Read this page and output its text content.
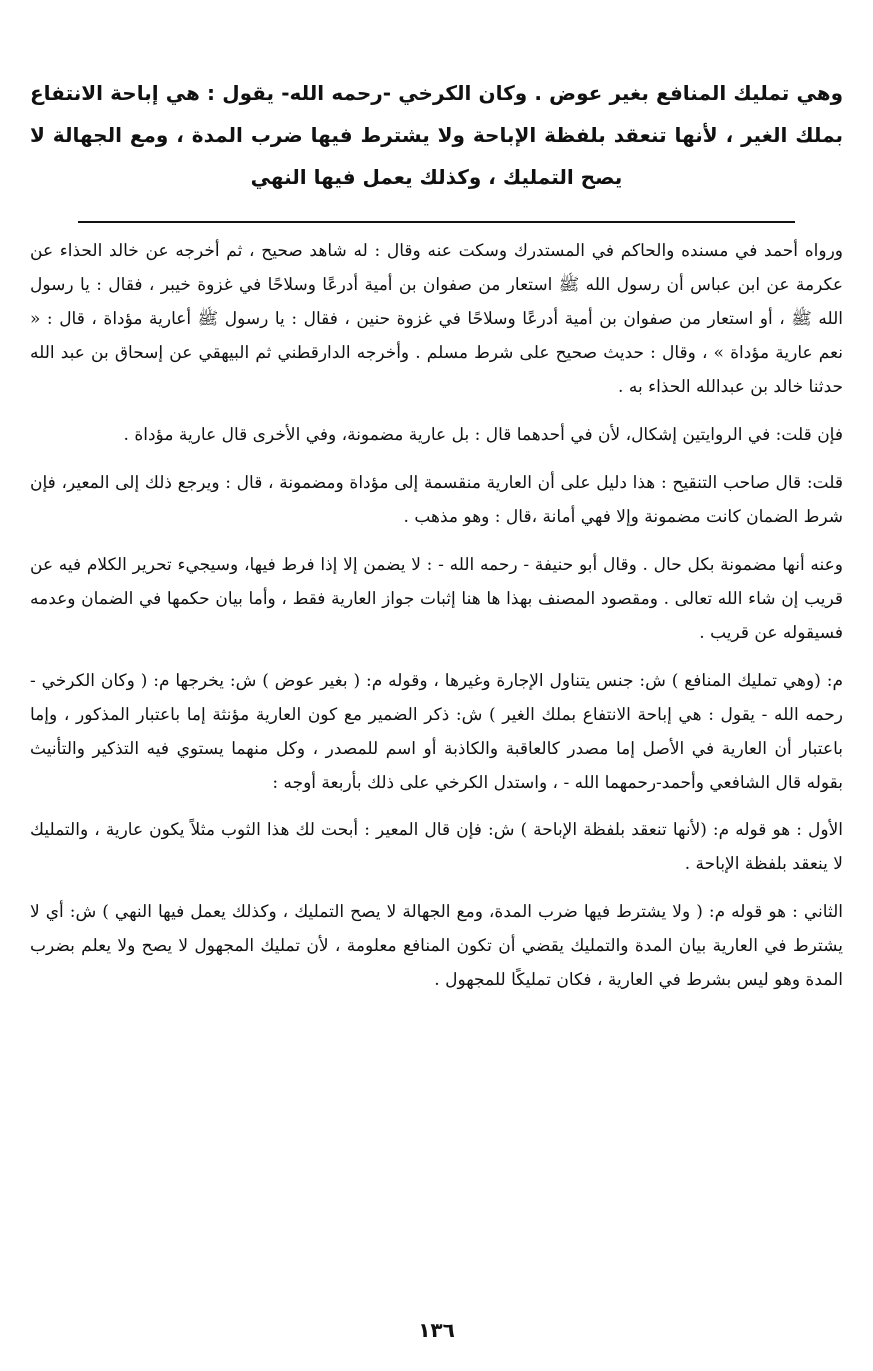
وهي تمليك المنافع بغير عوض . وكان الكرخي -رحمه الله- يقول : هي إباحة الانتفاع بملك الغير ، لأنها تنعقد بلفظة الإباحة ولا يشترط فيها ضرب المدة ، ومع الجهالة لا يصح التمليك ، وكذلك يعمل فيها النهي

ورواه أحمد في مسنده والحاكم في المستدرك وسكت عنه وقال : له شاهد صحيح ، ثم أخرجه عن خالد الحذاء عن عكرمة عن ابن عباس أن رسول الله ﷺ استعار من صفوان بن أمية أدرعًا وسلاحًا في غزوة خيبر ، فقال : يا رسول الله ﷺ ، أو استعار من صفوان بن أمية أدرعًا وسلاحًا في غزوة حنين ، فقال : يا رسول ﷺ أعارية مؤداة ، قال : « نعم عارية مؤداة » ، وقال : حديث صحيح على شرط مسلم . وأخرجه الدارقطني ثم البيهقي عن إسحاق بن عبد الله حدثنا خالد بن عبدالله الحذاء به .

فإن قلت: في الروايتين إشكال، لأن في أحدهما قال : بل عارية مضمونة، وفي الأخرى قال عارية مؤداة .

قلت: قال صاحب التنقيح : هذا دليل على أن العارية منقسمة إلى مؤداة ومضمونة ، قال : ويرجع ذلك إلى المعير، فإن شرط الضمان كانت مضمونة وإلا فهي أمانة ،قال : وهو مذهب .

وعنه أنها مضمونة بكل حال . وقال أبو حنيفة - رحمه الله - : لا يضمن إلا إذا فرط فيها، وسيجيء تحرير الكلام فيه عن قريب إن شاء الله تعالى . ومقصود المصنف بهذا ها هنا إثبات جواز العارية فقط ، وأما بيان حكمها في الضمان وعدمه فسيقوله عن قريب .

م: (وهي تمليك المنافع ) ش: جنس يتناول الإجارة وغيرها ، وقوله م: ( بغير عوض ) ش: يخرجها م: ( وكان الكرخي - رحمه الله - يقول : هي إباحة الانتفاع بملك الغير ) ش: ذكر الضمير مع كون العارية مؤنثة إما باعتبار المذكور ، وإما باعتبار أن العارية في الأصل إما مصدر كالعاقبة والكاذبة أو اسم للمصدر ، وكل منهما يستوي فيه التذكير والتأنيث بقوله قال الشافعي وأحمد-رحمهما الله - ، واستدل الكرخي على ذلك بأربعة أوجه :

الأول : هو قوله م: (لأنها تنعقد بلفظة الإباحة ) ش: فإن قال المعير : أبحت لك هذا الثوب مثلاً يكون عارية ، والتمليك لا ينعقد بلفظة الإباحة .

الثاني : هو قوله م: ( ولا يشترط فيها ضرب المدة، ومع الجهالة لا يصح التمليك ، وكذلك يعمل فيها النهي ) ش: أي لا يشترط في العارية بيان المدة والتمليك يقضي أن تكون المنافع معلومة ، لأن تمليك المجهول لا يصح ولا يعلم بضرب المدة وهو ليس بشرط في العارية ، فكان تمليكًا للمجهول .

١٣٦
